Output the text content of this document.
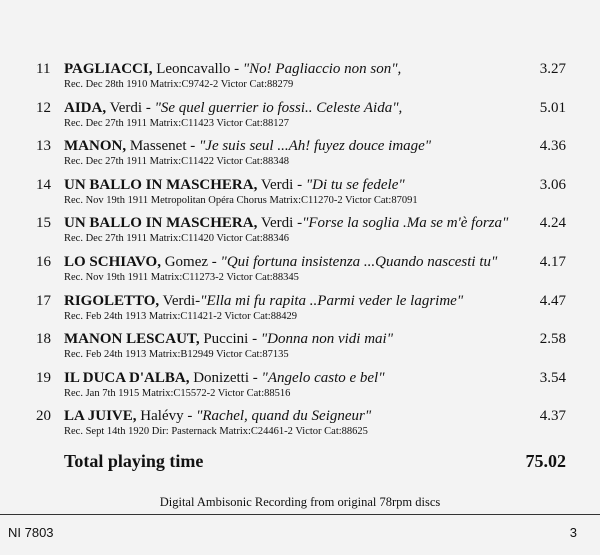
11 PAGLIACCI, Leoncavallo - "No! Pagliaccio non son",	3.27
Rec. Dec 28th 1910 Matrix:C9742-2 Victor Cat:88279
12 AIDA, Verdi - "Se quel guerrier io fossi.. Celeste Aida",	5.01
Rec. Dec 27th 1911 Matrix:C11423 Victor Cat:88127
13 MANON, Massenet - "Je suis seul ...Ah! fuyez douce image"	4.36
Rec. Dec 27th 1911 Matrix:C11422 Victor Cat:88348
14 UN BALLO IN MASCHERA, Verdi - "Di tu se fedele"	3.06
Rec. Nov 19th 1911 Metropolitan Opéra Chorus Matrix:C11270-2 Victor Cat:87091
15 UN BALLO IN MASCHERA, Verdi -"Forse la soglia .Ma se m'è forza" 4.24
Rec. Dec 27th 1911 Matrix:C11420 Victor Cat:88346
16 LO SCHIAVO, Gomez - "Qui fortuna insistenza ...Quando nascesti tu"	4.17
Rec. Nov 19th 1911 Matrix:C11273-2 Victor Cat:88345
17 RIGOLETTO, Verdi-"Ella mi fu rapita ..Parmi veder le lagrime"	4.47
Rec. Feb 24th 1913 Matrix:C11421-2 Victor Cat:88429
18 MANON LESCAUT, Puccini - "Donna non vidi mai"	2.58
Rec. Feb 24th 1913 Matrix:B12949 Victor Cat:87135
19 IL DUCA D'ALBA, Donizetti - "Angelo casto e bel"	3.54
Rec. Jan 7th 1915 Matrix:C15572-2 Victor Cat:88516
20 LA JUIVE, Halévy - "Rachel, quand du Seigneur"	4.37
Rec. Sept 14th 1920 Dir: Pasternack Matrix:C24461-2 Victor Cat:88625
Total playing time	75.02
Digital Ambisonic Recording from original 78rpm discs
NI 7803	3
